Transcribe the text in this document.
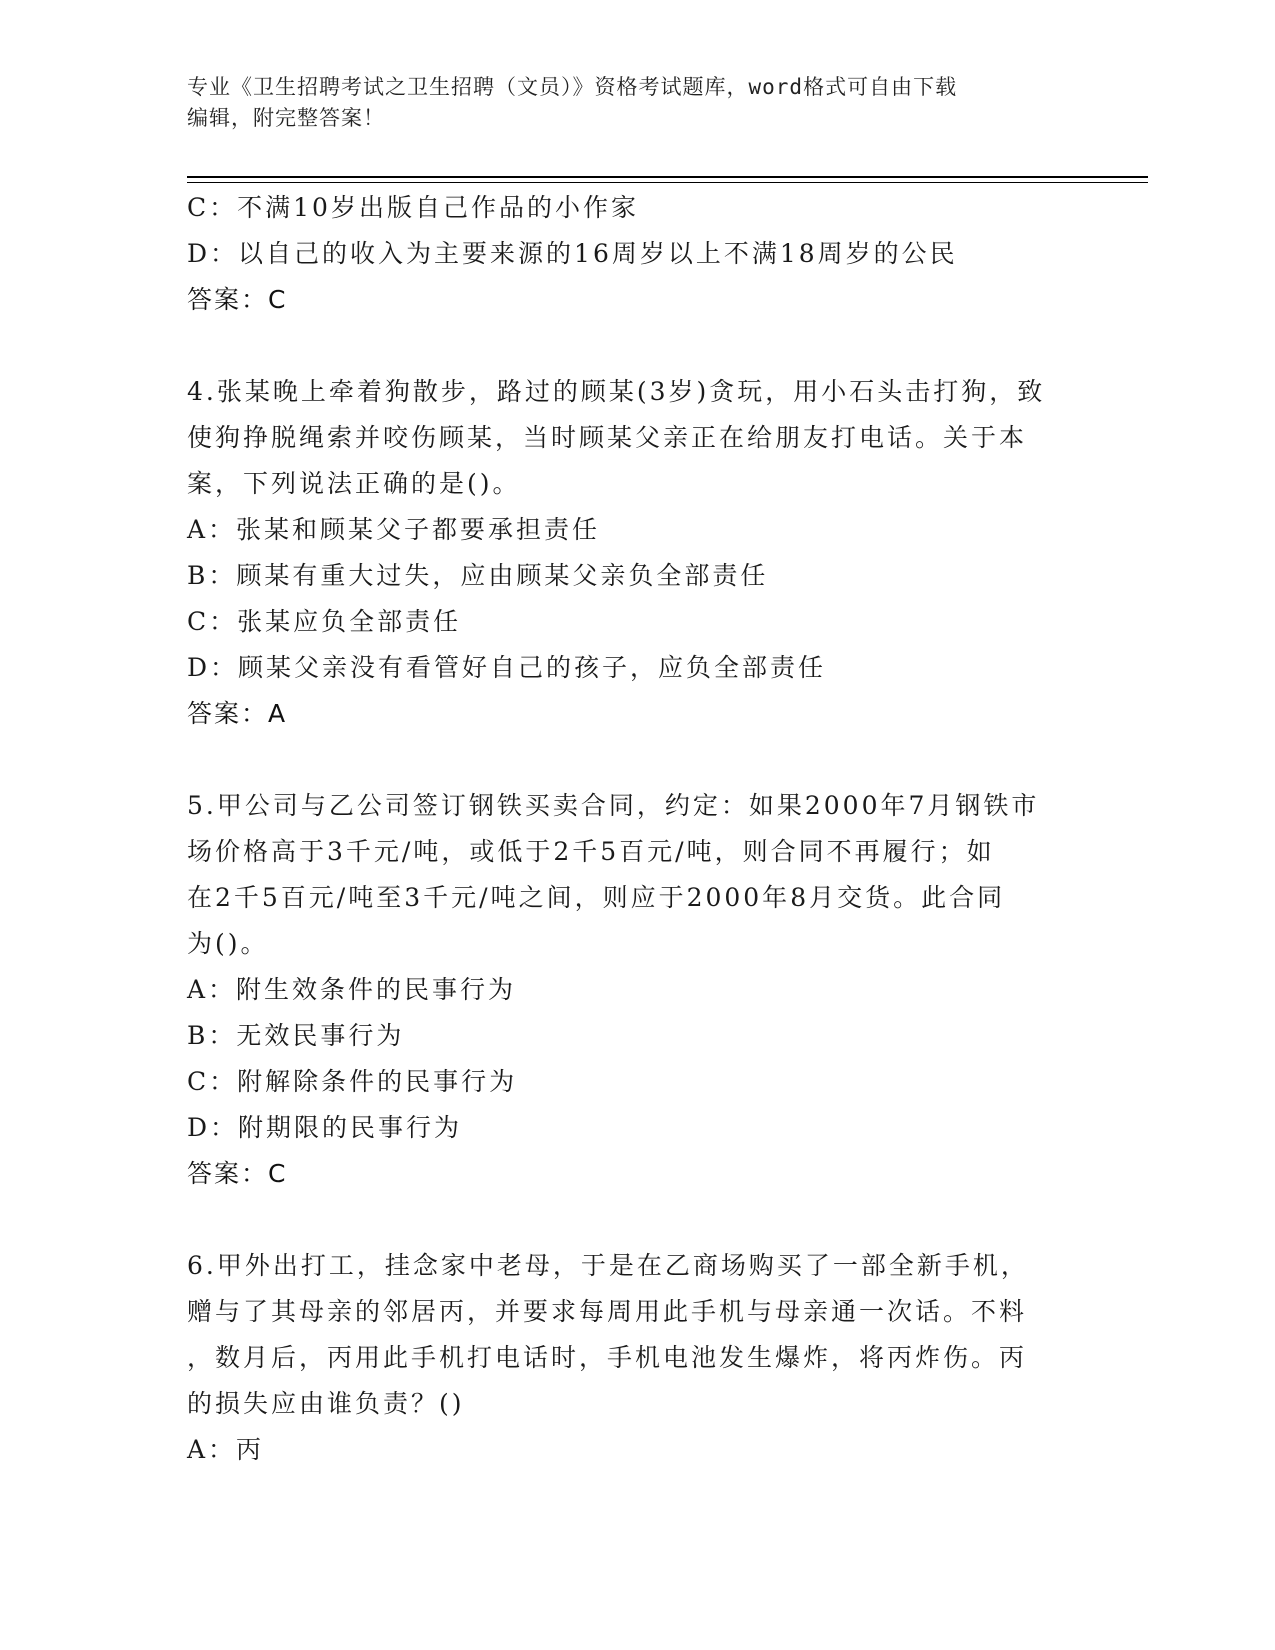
专业《卫生招聘考试之卫生招聘（文员）》资格考试题库，word格式可自由下载
编辑，附完整答案！
C：不满10岁出版自己作品的小作家
D：以自己的收入为主要来源的16周岁以上不满18周岁的公民
答案：C
4.张某晚上牵着狗散步，路过的顾某(3岁)贪玩，用小石头击打狗，致
使狗挣脱绳索并咬伤顾某，当时顾某父亲正在给朋友打电话。关于本
案，下列说法正确的是()。
A：张某和顾某父子都要承担责任
B：顾某有重大过失，应由顾某父亲负全部责任
C：张某应负全部责任
D：顾某父亲没有看管好自己的孩子，应负全部责任
答案：A
5.甲公司与乙公司签订钢铁买卖合同，约定：如果2000年7月钢铁市
场价格高于3千元/吨，或低于2千5百元/吨，则合同不再履行；如
在2千5百元/吨至3千元/吨之间，则应于2000年8月交货。此合同
为()。
A：附生效条件的民事行为
B：无效民事行为
C：附解除条件的民事行为
D：附期限的民事行为
答案：C
6.甲外出打工，挂念家中老母，于是在乙商场购买了一部全新手机，
赠与了其母亲的邻居丙，并要求每周用此手机与母亲通一次话。不料
，数月后，丙用此手机打电话时，手机电池发生爆炸，将丙炸伤。丙
的损失应由谁负责？()
A：丙
